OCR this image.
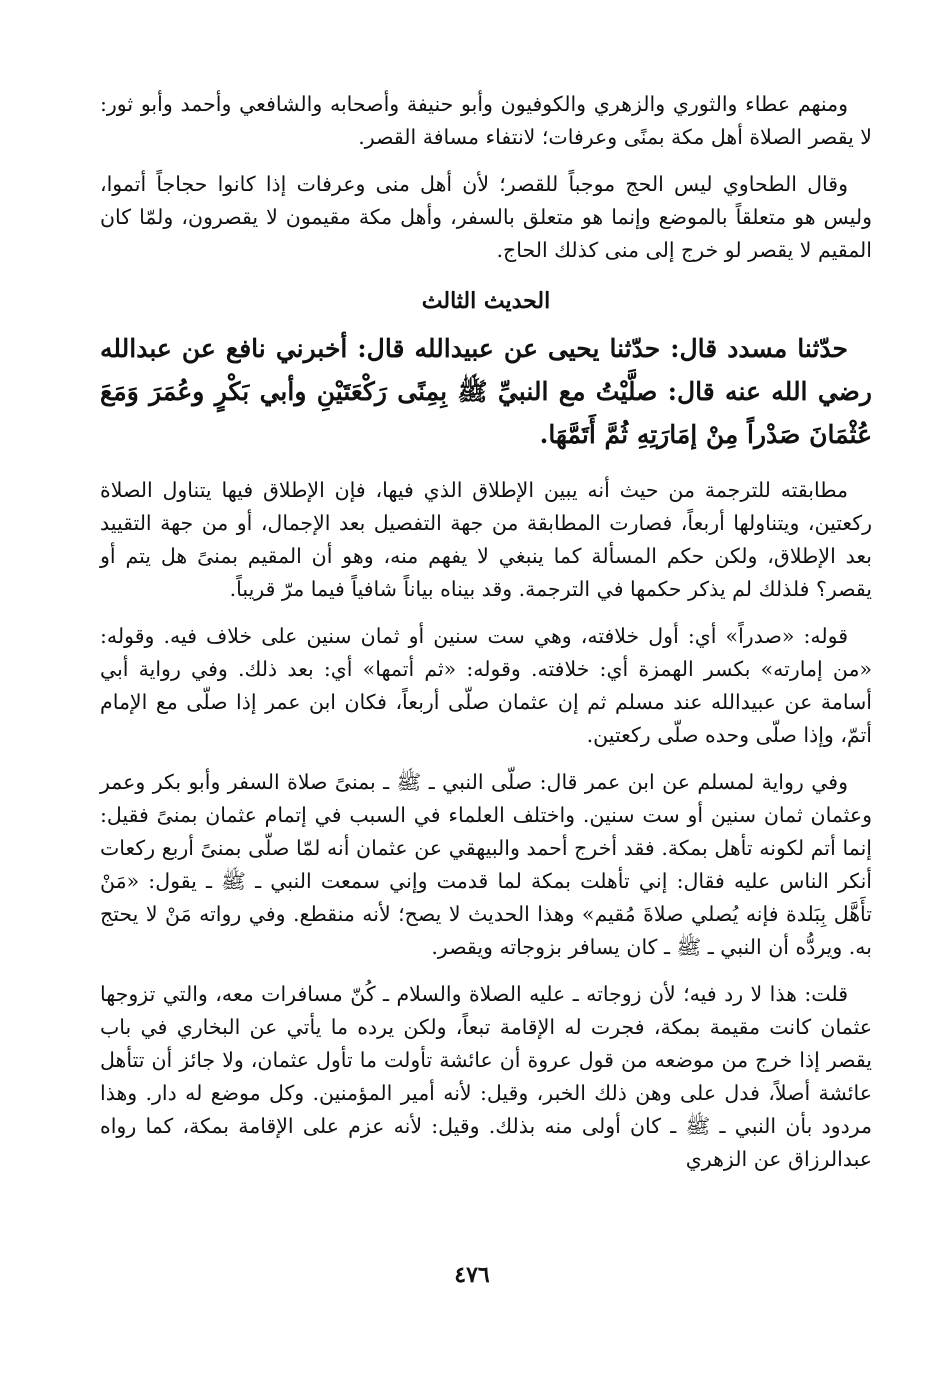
ومنهم عطاء والثوري والزهري والكوفيون وأبو حنيفة وأصحابه والشافعي وأحمد وأبو ثور: لا يقصر الصلاة أهل مكة بمنًى وعرفات؛ لانتفاء مسافة القصر.

وقال الطحاوي ليس الحج موجباً للقصر؛ لأن أهل منى وعرفات إذا كانوا حجاجاً أتموا، وليس هو متعلقاً بالموضع وإنما هو متعلق بالسفر، وأهل مكة مقيمون لا يقصرون، ولمّا كان المقيم لا يقصر لو خرج إلى منى كذلك الحاج.

الحديث الثالث

حدّثنا مسدد قال: حدّثنا يحيى عن عبيدالله قال: أخبرني نافع عن عبدالله رضي الله عنه قال: صلَّيْتُ مع النبيِّ ﷺ بِمِنًى رَكْعَتَيْنِ وأبي بَكْرٍ وعُمَرَ وَمَعَ عُثْمَانَ صَدْراً مِنْ إمَارَتِهِ ثُمَّ أَتَمَّهَا.

مطابقته للترجمة من حيث أنه يبين الإطلاق الذي فيها، فإن الإطلاق فيها يتناول الصلاة ركعتين، ويتناولها أربعاً، فصارت المطابقة من جهة التفصيل بعد الإجمال، أو من جهة التقييد بعد الإطلاق، ولكن حكم المسألة كما ينبغي لا يفهم منه، وهو أن المقيم بمنىً هل يتم أو يقصر؟ فلذلك لم يذكر حكمها في الترجمة. وقد بيناه بياناً شافياً فيما مرّ قريباً.

قوله: «صدراً» أي: أول خلافته، وهي ست سنين أو ثمان سنين على خلاف فيه. وقوله: «من إمارته» بكسر الهمزة أي: خلافته. وقوله: «ثم أتمها» أي: بعد ذلك. وفي رواية أبي أسامة عن عبيدالله عند مسلم ثم إن عثمان صلّى أربعاً، فكان ابن عمر إذا صلّى مع الإمام أتمّ، وإذا صلّى وحده صلّى ركعتين.

وفي رواية لمسلم عن ابن عمر قال: صلّى النبي ـ ﷺ ـ بمنىً صلاة السفر وأبو بكر وعمر وعثمان ثمان سنين أو ست سنين. واختلف العلماء في السبب في إتمام عثمان بمنىً فقيل: إنما أتم لكونه تأهل بمكة. فقد أخرج أحمد والبيهقي عن عثمان أنه لمّا صلّى بمنىً أربع ركعات أنكر الناس عليه فقال: إني تأهلت بمكة لما قدمت وإني سمعت النبي ـ ﷺ ـ يقول: «مَنْ تأَهَّل بِبَلدة فإنه يُصلي صلاةَ مُقيم» وهذا الحديث لا يصح؛ لأنه منقطع. وفي رواته مَنْ لا يحتج به. ويردُّه أن النبي ـ ﷺ ـ كان يسافر بزوجاته ويقصر.

قلت: هذا لا رد فيه؛ لأن زوجاته ـ عليه الصلاة والسلام ـ كُنّ مسافرات معه، والتي تزوجها عثمان كانت مقيمة بمكة، فجرت له الإقامة تبعاً، ولكن يرده ما يأتي عن البخاري في باب يقصر إذا خرج من موضعه من قول عروة أن عائشة تأولت ما تأول عثمان، ولا جائز أن تتأهل عائشة أصلاً، فدل على وهن ذلك الخبر، وقيل: لأنه أمير المؤمنين. وكل موضع له دار. وهذا مردود بأن النبي ـ ﷺ ـ كان أولى منه بذلك. وقيل: لأنه عزم على الإقامة بمكة، كما رواه عبدالرزاق عن الزهري

٤٧٦
